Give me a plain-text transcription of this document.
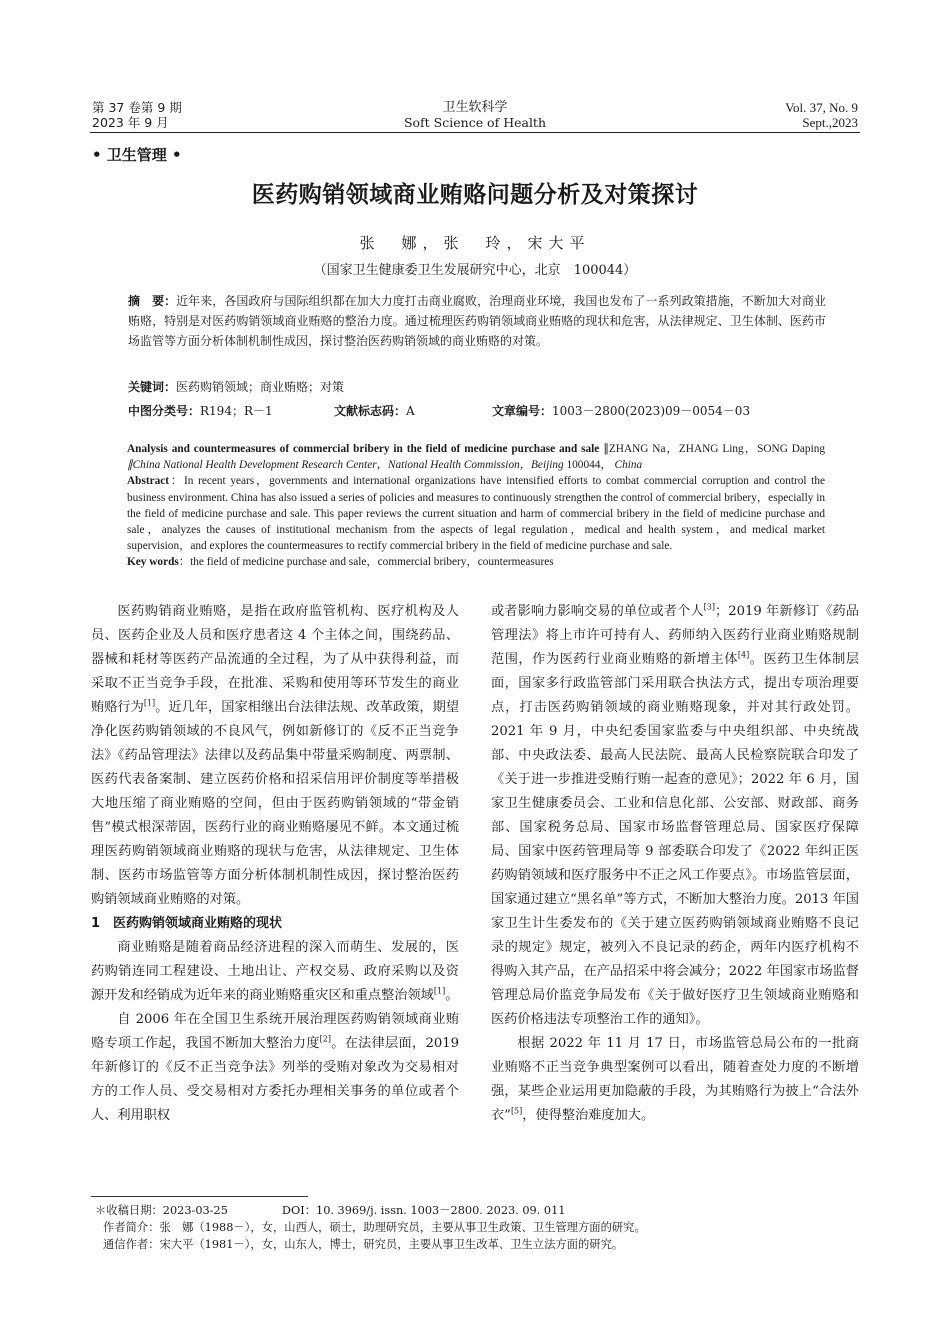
第 37 卷第 9 期
2023 年 9 月
卫生软科学
Soft Science of Health
Vol. 37, No. 9
Sept.,2023
• 卫生管理 •
医药购销领域商业贿赂问题分析及对策探讨
张　娜，张　玲，宋大平
（国家卫生健康委卫生发展研究中心，北京　100044）
摘　要：近年来，各国政府与国际组织都在加大力度打击商业腐败，治理商业环境，我国也发布了一系列政策措施，不断加大对商业贿赂，特别是对医药购销领域商业贿赂的整治力度。通过梳理医药购销领域商业贿赂的现状和危害，从法律规定、卫生体制、医药市场监管等方面分析体制机制性成因，探讨整治医药购销领域的商业贿赂的对策。
关键词：医药购销领域；商业贿赂；对策
中图分类号：R194；R－1	文献标志码：A	文章编号：1003－2800(2023)09－0054－03
Analysis and countermeasures of commercial bribery in the field of medicine purchase and sale ∥ZHANG Na，ZHANG Ling，SONG Daping ∥China National Health Development Research Center，National Health Commission，Beijing 100044， China
Abstract：In recent years，governments and international organizations have intensified efforts to combat commercial corruption and control the business environment. China has also issued a series of policies and measures to continuously strengthen the control of commercial bribery，especially in the field of medicine purchase and sale. This paper reviews the current situation and harm of commercial bribery in the field of medicine purchase and sale，analyzes the causes of institutional mechanism from the aspects of legal regulation，medical and health system，and medical market supervision，and explores the countermeasures to rectify commercial bribery in the field of medicine purchase and sale.
Key words：the field of medicine purchase and sale，commercial bribery，countermeasures

医药购销商业贿赂，是指在政府监管机构、医疗机构及人员、医药企业及人员和医疗患者这 4 个主体之间，围绕药品、器械和耗材等医药产品流通的全过程，为了从中获得利益，而采取不正当竞争手段，在批准、采购和使用等环节发生的商业贿赂行为[1]。近几年，国家相继出台法律法规、改革政策，期望净化医药购销领域的不良风气，例如新修订的《反不正当竞争法》《药品管理法》法律以及药品集中带量采购制度、两票制、医药代表备案制、建立医药价格和招采信用评价制度等举措极大地压缩了商业贿赂的空间，但由于医药购销领域的“带金销售”模式根深蒂固，医药行业的商业贿赂屡见不鲜。本文通过梳理医药购销领域商业贿赂的现状与危害，从法律规定、卫生体制、医药市场监管等方面分析体制机制性成因，探讨整治医药购销领域商业贿赂的对策。

1　医药购销领域商业贿赂的现状

商业贿赂是随着商品经济进程的深入而萌生、发展的，医药购销连同工程建设、土地出让、产权交易、政府采购以及资源开发和经销成为近年来的商业贿赂重灾区和重点整治领域[1]。

自 2006 年在全国卫生系统开展治理医药购销领域商业贿赂专项工作起，我国不断加大整治力度[2]。在法律层面，2019 年新修订的《反不正当竞争法》列举的受贿对象改为交易相对方的工作人员、受交易相对方委托办理相关事务的单位或者个人、利用职权

或者影响力影响交易的单位或者个人[3]；2019 年新修订《药品管理法》将上市许可持有人、药师纳入医药行业商业贿赂规制范围，作为医药行业商业贿赂的新增主体[4]。医药卫生体制层面，国家多行政监管部门采用联合执法方式，提出专项治理要点，打击医药购销领域的商业贿赂现象，并对其行政处罚。2021 年 9 月，中央纪委国家监委与中央组织部、中央统战部、中央政法委、最高人民法院、最高人民检察院联合印发了《关于进一步推进受贿行贿一起查的意见》；2022 年 6 月，国家卫生健康委员会、工业和信息化部、公安部、财政部、商务部、国家税务总局、国家市场监督管理总局、国家医疗保障局、国家中医药管理局等 9 部委联合印发了《2022 年纠正医药购销领域和医疗服务中不正之风工作要点》。市场监管层面，国家通过建立“黑名单”等方式，不断加大整治力度。2013 年国家卫生计生委发布的《关于建立医药购销领域商业贿赂不良记录的规定》规定，被列入不良记录的药企，两年内医疗机构不得购入其产品，在产品招采中将会减分；2022 年国家市场监督管理总局价监竞争局发布《关于做好医疗卫生领域商业贿赂和医药价格违法专项整治工作的通知》。

根据 2022 年 11 月 17 日，市场监管总局公布的一批商业贿赂不正当竞争典型案例可以看出，随着查处力度的不断增强，某些企业运用更加隐蔽的手段，为其贿赂行为披上“合法外衣”[5]，使得整治难度加大。

＊收稿日期：2023-03-25	DOI：10. 3969/j. issn. 1003－2800. 2023. 09. 011
作者简介：张　娜（1988－），女，山西人，硕士，助理研究员，主要从事卫生政策、卫生管理方面的研究。
通信作者：宋大平（1981－），女，山东人，博士，研究员，主要从事卫生改革、卫生立法方面的研究。
